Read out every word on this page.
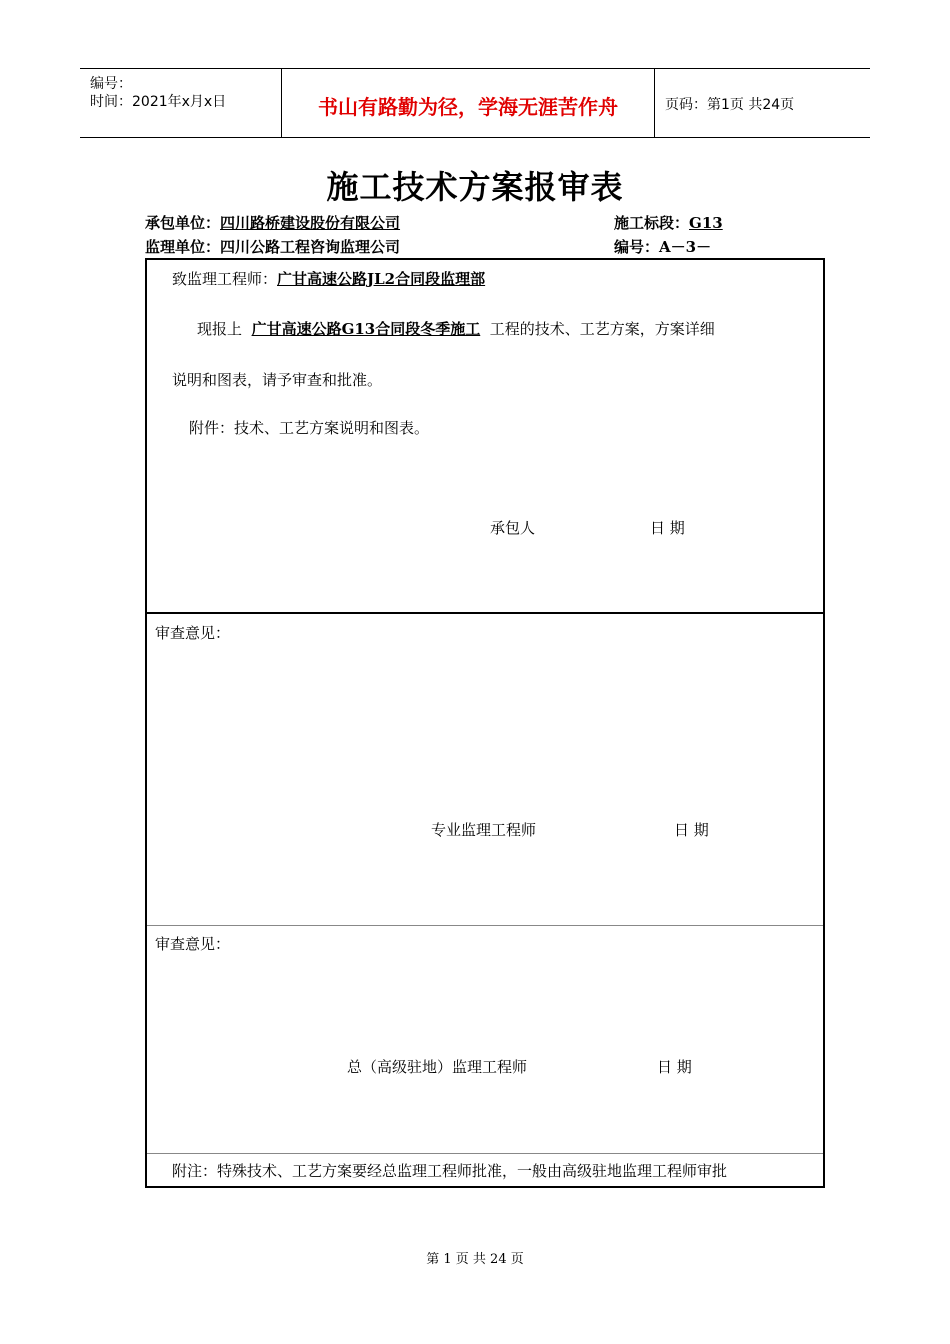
编号：
时间：2021年x月x日	书山有路勤为径，学海无涯苦作舟	页码：第1页 共24页
施工技术方案报审表
承包单位：四川路桥建设股份有限公司	施工标段：G13
监理单位：四川公路工程咨询监理公司	编号：A－3－
致监理工程师：广甘高速公路JL2合同段监理部
现报上 广甘高速公路G13合同段冬季施工 工程的技术、工艺方案，方案详细
说明和图表，请予审查和批准。
附件：技术、工艺方案说明和图表。
承包人	日 期
审查意见：
专业监理工程师	日 期
审查意见：
总（高级驻地）监理工程师	日 期
附注：特殊技术、工艺方案要经总监理工程师批准，一般由高级驻地监理工程师审批
第 1 页 共 24 页
